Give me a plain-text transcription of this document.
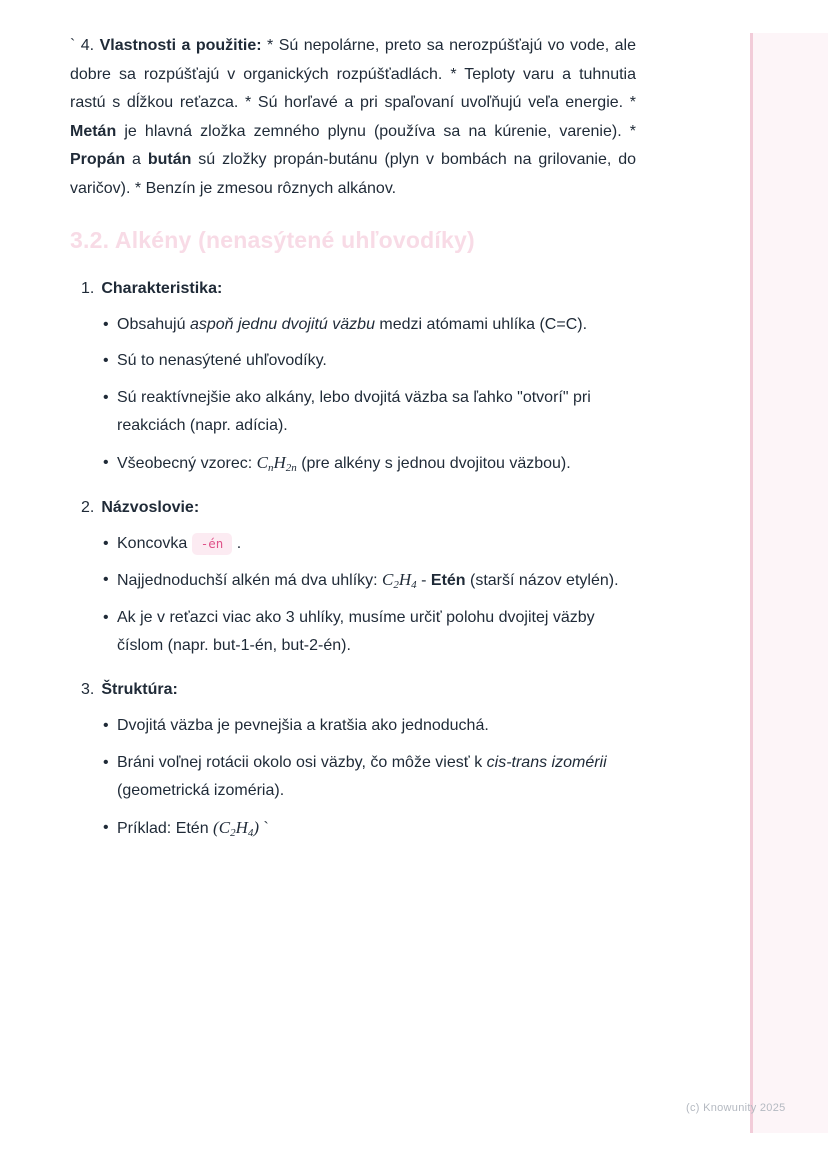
` 4. Vlastnosti a použitie: * Sú nepolárne, preto sa nerozpúšťajú vo vode, ale dobre sa rozpúšťajú v organických rozpúšťadlách. * Teploty varu a tuhnutia rastú s dĺžkou reťazca. * Sú horľavé a pri spaľovaní uvoľňujú veľa energie. * Metán je hlavná zložka zemného plynu (používa sa na kúrenie, varenie). * Propán a bután sú zložky propán-butánu (plyn v bombách na grilovanie, do varičov). * Benzín je zmesou rôznych alkánov.

3.2. Alkény (nenasýtené uhľovodíky)
1. Charakteristika:
• Obsahujú aspoň jednu dvojitú väzbu medzi atómami uhlíka (C=C).
• Sú to nenasýtené uhľovodíky.
• Sú reaktívnejšie ako alkány, lebo dvojitá väzba sa ľahko "otvorí" pri reakciách (napr. adícia).
• Všeobecný vzorec: $C_nH_{2n}$ (pre alkény s jednou dvojitou väzbou).
2. Názvoslovie:
• Koncovka -én .
• Najjednoduchší alkén má dva uhlíky: $C_2H_4$ - Etén (starší názov etylén).
• Ak je v reťazci viac ako 3 uhlíky, musíme určiť polohu dvojitej väzby číslom (napr. but-1-én, but-2-én).
3. Štruktúra:
• Dvojitá väzba je pevnejšia a kratšia ako jednoduchá.
• Bráni voľnej rotácii okolo osi väzby, čo môže viesť k cis-trans izomérii (geometrická izoméria).
• Príklad: Etén $(C_2H_4)$ `
(c) Knowunity 2025
